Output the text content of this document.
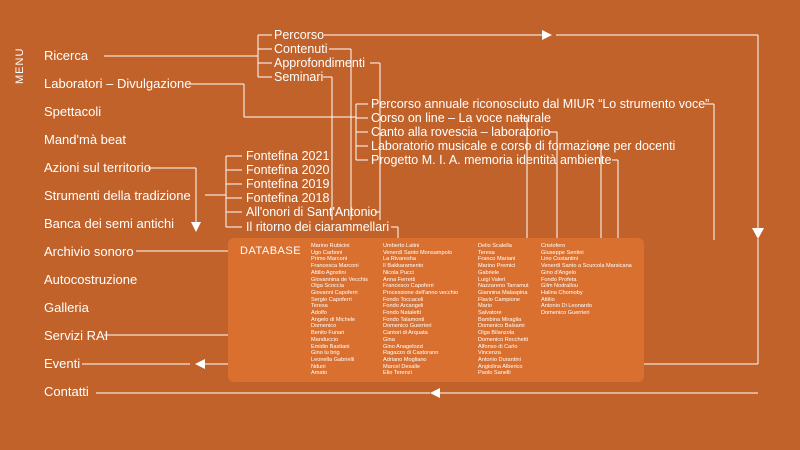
MENU Ricerca
Laboratori – Divulgazione
Spettacoli
Mand'mà beat
Azioni sul territorio
Strumenti della tradizione
Banca dei semi antichi
Archivio sonoro
Autocostruzione
Galleria
Servizi RAI
Eventi
Contatti
Percorso
Contenuti
Approfondimenti
Seminari
Percorso annuale riconosciuto dal MIUR “Lo strumento voce”
Corso on line – La voce naturale
Canto alla rovescia – laboratorio
Laboratorio musicale e corso di formazione per docenti
Progetto M. I. A. memoria identità ambiente
Fontefina 2021
Fontefina 2020
Fontefina 2019
Fontefina 2018
All'onori di Sant'Antonio
Il ritorno dei ciarammellari
DATABASE Marino Rubicini
Ugo Carboni
Primo Marconi
Francesca Marconi
Attilio Agostini
Giovannina de Vecchis
Olga Scoccia
Giovanni Capoferri
Sergio Capoferri
Teresa
Adolfo
Angelo di Michele
Domenico
Benito Funari
Manduccio
Emidio Bastiani
Gino lu brig
Leonella Gabrielli
Nduni
Amato
Umberto Latini
Venerdì Santo Monsampolo
La Rivaresha
Il Bakkaramento
Nicola Pucci
Anna Ferretti
Francesco Capoferri
Processione dell'anno vecchio
Fondo Toccaceli
Fondo Arcangeli
Fondo Nataletti
Fondo Talamonti
Domenico Guerrieri
Cantori di Arquata
Gina
Gino Anagelozzi
Ragazzo di Castorano
Adriano Mogliano
Marcel Desalle
Elio Terenzi
Delio Scalella
Teresa
Franco Mariani
Marino Premici
Gabriele
Luigi Valeri
Nazzareno Tarramut
Giannina Malaspina
Flavio Campione
Mario
Salvatore
Bambina Miraglia
Domenico Balsami
Olga Bilanzola
Domenico Recchetti
Alfonso di Carlo
Vincenza
Antonio Durantini
Angiolina Alberico
Paolo Sanelli
Cristofero
Giuseppe Sentini
Lino Costantini
Venerdì Santo a Scurcola Marsicana
Gino d'Angelo
Fondo Profeta
Gilm Nodrallou
Halina Chornoby
Attilio
Antonio Di Leonardo
Domenico Guerrieri
